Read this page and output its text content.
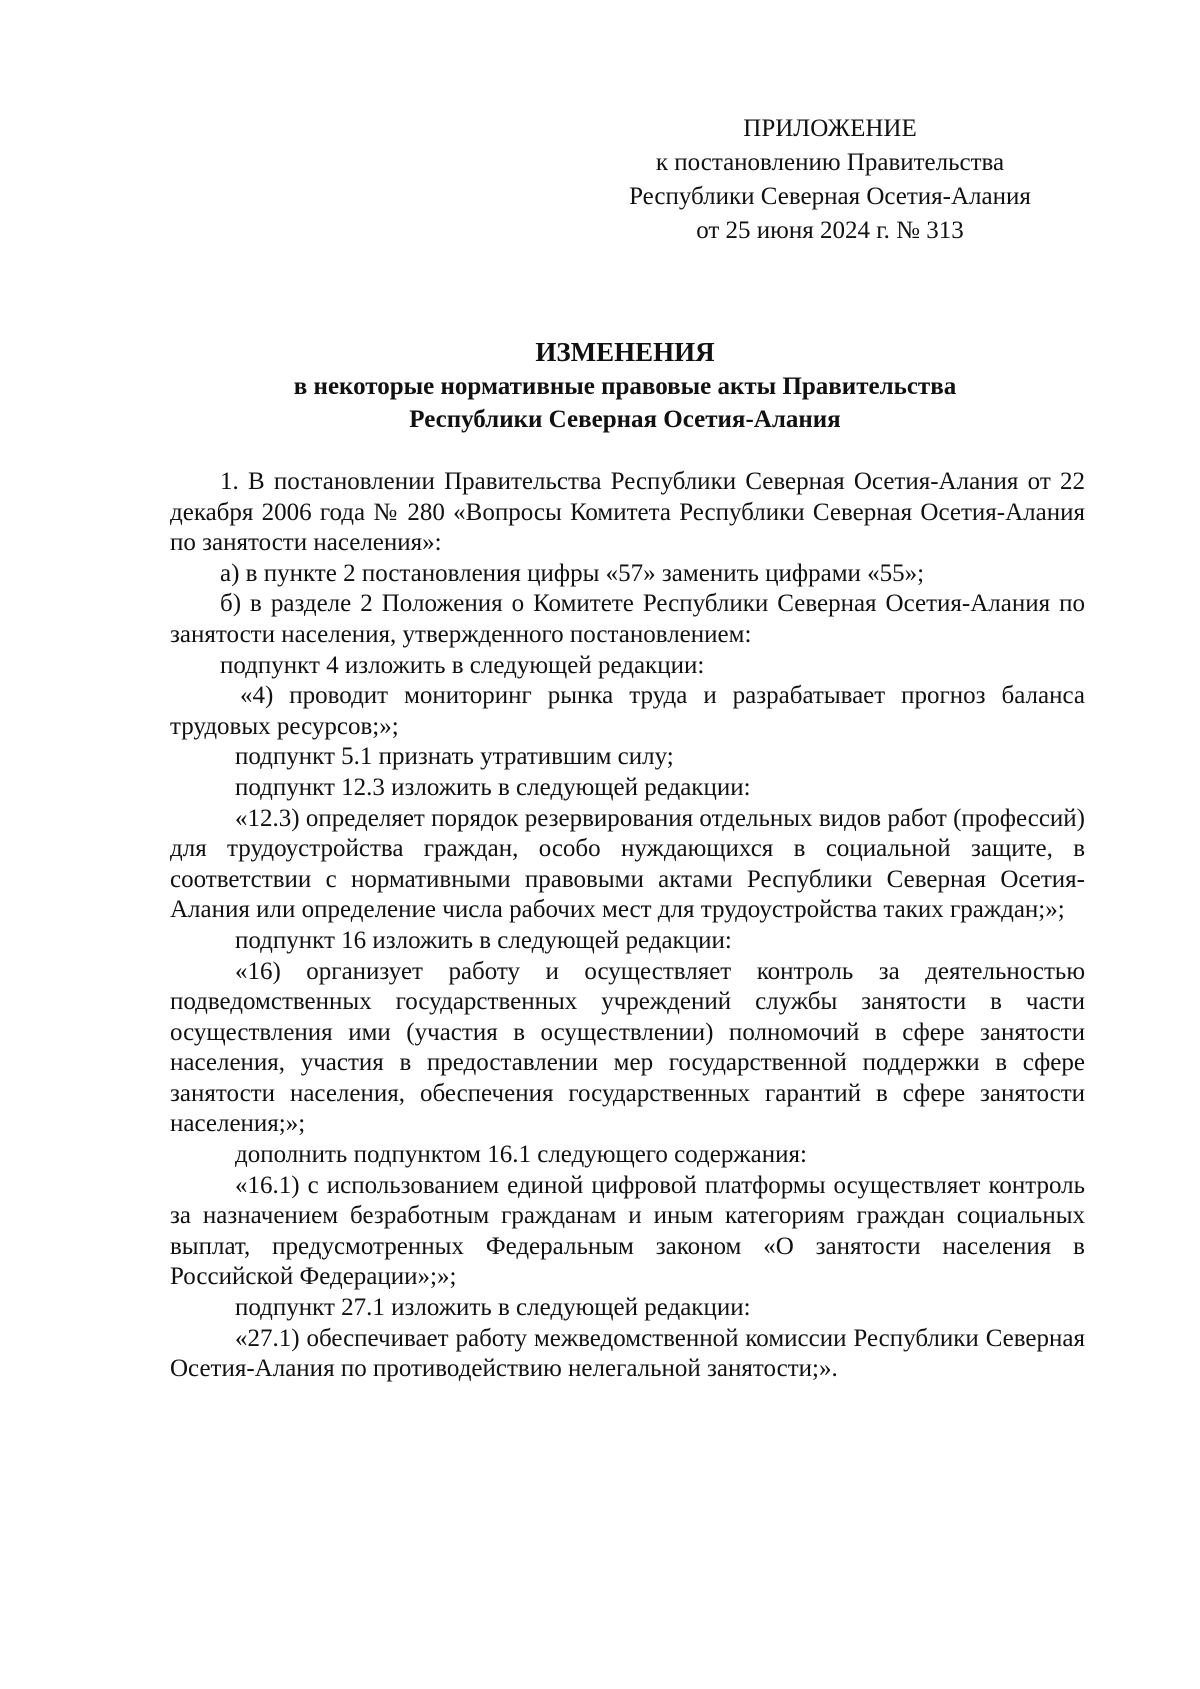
ПРИЛОЖЕНИЕ
к постановлению Правительства
Республики Северная Осетия-Алания
от 25 июня 2024 г. № 313
ИЗМЕНЕНИЯ
в некоторые нормативные правовые акты Правительства
Республики Северная Осетия-Алания

1. В постановлении Правительства Республики Северная Осетия-Алания от 22 декабря 2006 года № 280 «Вопросы Комитета Республики Северная Осетия-Алания по занятости населения»:

а) в пункте 2 постановления цифры «57» заменить цифрами «55»;

б) в разделе 2 Положения о Комитете Республики Северная Осетия-Алания по занятости населения, утвержденного постановлением:

подпункт 4 изложить в следующей редакции:

«4) проводит мониторинг рынка труда и разрабатывает прогноз баланса трудовых ресурсов;»;

подпункт 5.1 признать утратившим силу;

подпункт 12.3 изложить в следующей редакции:

«12.3) определяет порядок резервирования отдельных видов работ (профессий) для трудоустройства граждан, особо нуждающихся в социальной защите, в соответствии с нормативными правовыми актами Республики Северная Осетия-Алания или определение числа рабочих мест для трудоустройства таких граждан;»;

подпункт 16 изложить в следующей редакции:

«16) организует работу и осуществляет контроль за деятельностью подведомственных государственных учреждений службы занятости в части осуществления ими (участия в осуществлении) полномочий в сфере занятости населения, участия в предоставлении мер государственной поддержки в сфере занятости населения, обеспечения государственных гарантий в сфере занятости населения;»;

дополнить подпунктом 16.1 следующего содержания:

«16.1) с использованием единой цифровой платформы осуществляет контроль за назначением безработным гражданам и иным категориям граждан социальных выплат, предусмотренных Федеральным законом «О занятости населения в Российской Федерации»;»;

подпункт 27.1 изложить в следующей редакции:

«27.1) обеспечивает работу межведомственной комиссии Республики Северная Осетия-Алания по противодействию нелегальной занятости;».
